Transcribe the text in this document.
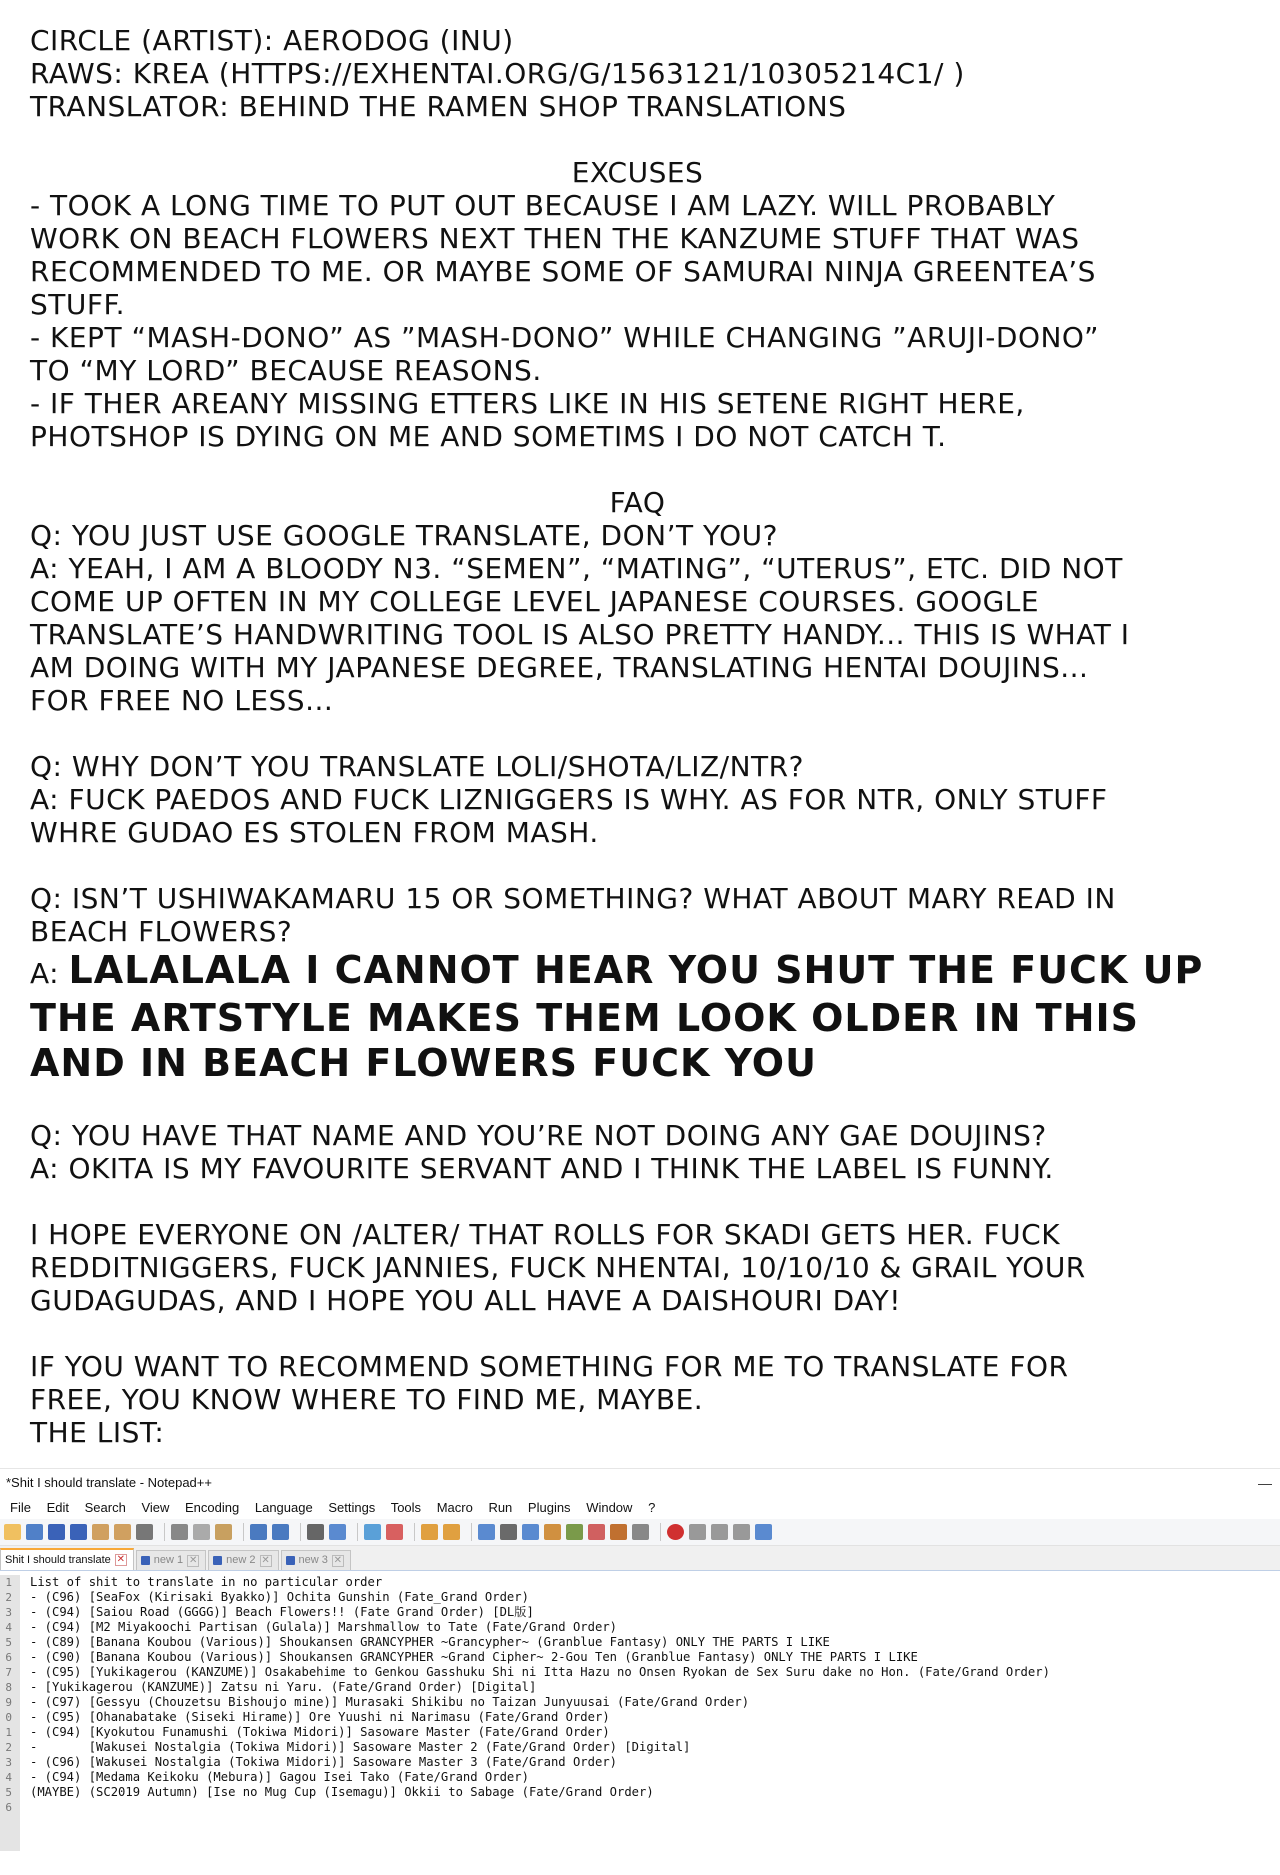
CIRCLE (ARTIST): AERODOG (INU)
RAWS: KREA (HTTPS://EXHENTAI.ORG/G/1563121/10305214C1/ )
TRANSLATOR: BEHIND THE RAMEN SHOP TRANSLATIONS
EXCUSES
- TOOK A LONG TIME TO PUT OUT BECAUSE I AM LAZY. WILL PROBABLY
WORK ON BEACH FLOWERS NEXT THEN THE KANZUME STUFF THAT WAS
RECOMMENDED TO ME. OR MAYBE SOME OF SAMURAI NINJA GREENTEA’S
STUFF.
- KEPT “MASH-DONO” AS ”MASH-DONO” WHILE CHANGING ”ARUJI-DONO”
TO “MY LORD” BECAUSE REASONS.
- IF THER AREANY MISSING ETTERS LIKE IN HIS SETENE RIGHT HERE,
PHOTSHOP IS DYING ON ME AND SOMETIMS I DO NOT CATCH T.
FAQ
Q: YOU JUST USE GOOGLE TRANSLATE, DON’T YOU?
A: YEAH, I AM A BLOODY N3. “SEMEN”, “MATING”, “UTERUS”, ETC. DID NOT
COME UP OFTEN IN MY COLLEGE LEVEL JAPANESE COURSES. GOOGLE
TRANSLATE’S HANDWRITING TOOL IS ALSO PRETTY HANDY... THIS IS WHAT I
AM DOING WITH MY JAPANESE DEGREE, TRANSLATING HENTAI DOUJINS...
FOR FREE NO LESS...
Q: WHY DON’T YOU TRANSLATE LOLI/SHOTA/LIZ/NTR?
A: FUCK PAEDOS AND FUCK LIZNIGGERS IS WHY. AS FOR NTR, ONLY STUFF
WHRE GUDAO ES STOLEN FROM MASH.
Q: ISN’T USHIWAKAMARU 15 OR SOMETHING? WHAT ABOUT MARY READ IN
BEACH FLOWERS?
A: LALALALA I CANNOT HEAR YOU SHUT THE FUCK UP
THE ARTSTYLE MAKES THEM LOOK OLDER IN THIS
AND IN BEACH FLOWERS FUCK YOU
Q: YOU HAVE THAT NAME AND YOU’RE NOT DOING ANY GAE DOUJINS?
A: OKITA IS MY FAVOURITE SERVANT AND I THINK THE LABEL IS FUNNY.
I HOPE EVERYONE ON /ALTER/ THAT ROLLS FOR SKADI GETS HER. FUCK
REDDITNIGGERS, FUCK JANNIES, FUCK NHENTAI, 10/10/10 & GRAIL YOUR
GUDAGUDAS, AND I HOPE YOU ALL HAVE A DAISHOURI DAY!
IF YOU WANT TO RECOMMEND SOMETHING FOR ME TO TRANSLATE FOR
FREE, YOU KNOW WHERE TO FIND ME, MAYBE.
THE LIST:
*Shit I should translate - Notepad++	—
File Edit Search View Encoding Language Settings Tools Macro Run Plugins Window ?
Shit I should translate ✕	new 1 ✕	new 2 ✕	new 3 ✕
1
	List of shit to translate in no particular order
2
	- (C96) [SeaFox (Kirisaki Byakko)] Ochita Gunshin (Fate_Grand Order)
3
	- (C94) [Saiou Road (GGGG)] Beach Flowers!! (Fate Grand Order) [DL版]
4
	- (C94) [M2 Miyakoochi Partisan (Gulala)] Marshmallow to Tate (Fate/Grand Order)
5
	- (C89) [Banana Koubou (Various)] Shoukansen GRANCYPHER ~Grancypher~ (Granblue Fantasy) ONLY THE PARTS I LIKE
6
	- (C90) [Banana Koubou (Various)] Shoukansen GRANCYPHER ~Grand Cipher~ 2-Gou Ten (Granblue Fantasy) ONLY THE PARTS I LIKE
7
	- (C95) [Yukikagerou (KANZUME)] Osakabehime to Genkou Gasshuku Shi ni Itta Hazu no Onsen Ryokan de Sex Suru dake no Hon. (Fate/Grand Order)
8
	- [Yukikagerou (KANZUME)] Zatsu ni Yaru. (Fate/Grand Order) [Digital]
9
	- (C97) [Gessyu (Chouzetsu Bishoujo mine)] Murasaki Shikibu no Taizan Junyuusai (Fate/Grand Order)
0
	- (C95) [Ohanabatake (Siseki Hirame)] Ore Yuushi ni Narimasu (Fate/Grand Order)
1
	- (C94) [Kyokutou Funamushi (Tokiwa Midori)] Sasoware Master (Fate/Grand Order)
2
	-       [Wakusei Nostalgia (Tokiwa Midori)] Sasoware Master 2 (Fate/Grand Order) [Digital]
3
	- (C96) [Wakusei Nostalgia (Tokiwa Midori)] Sasoware Master 3 (Fate/Grand Order)
4
	- (C94) [Medama Keikoku (Mebura)] Gagou Isei Tako (Fate/Grand Order)
5
	(MAYBE) (SC2019 Autumn) [Ise no Mug Cup (Isemagu)] Okkii to Sabage (Fate/Grand Order)
6
